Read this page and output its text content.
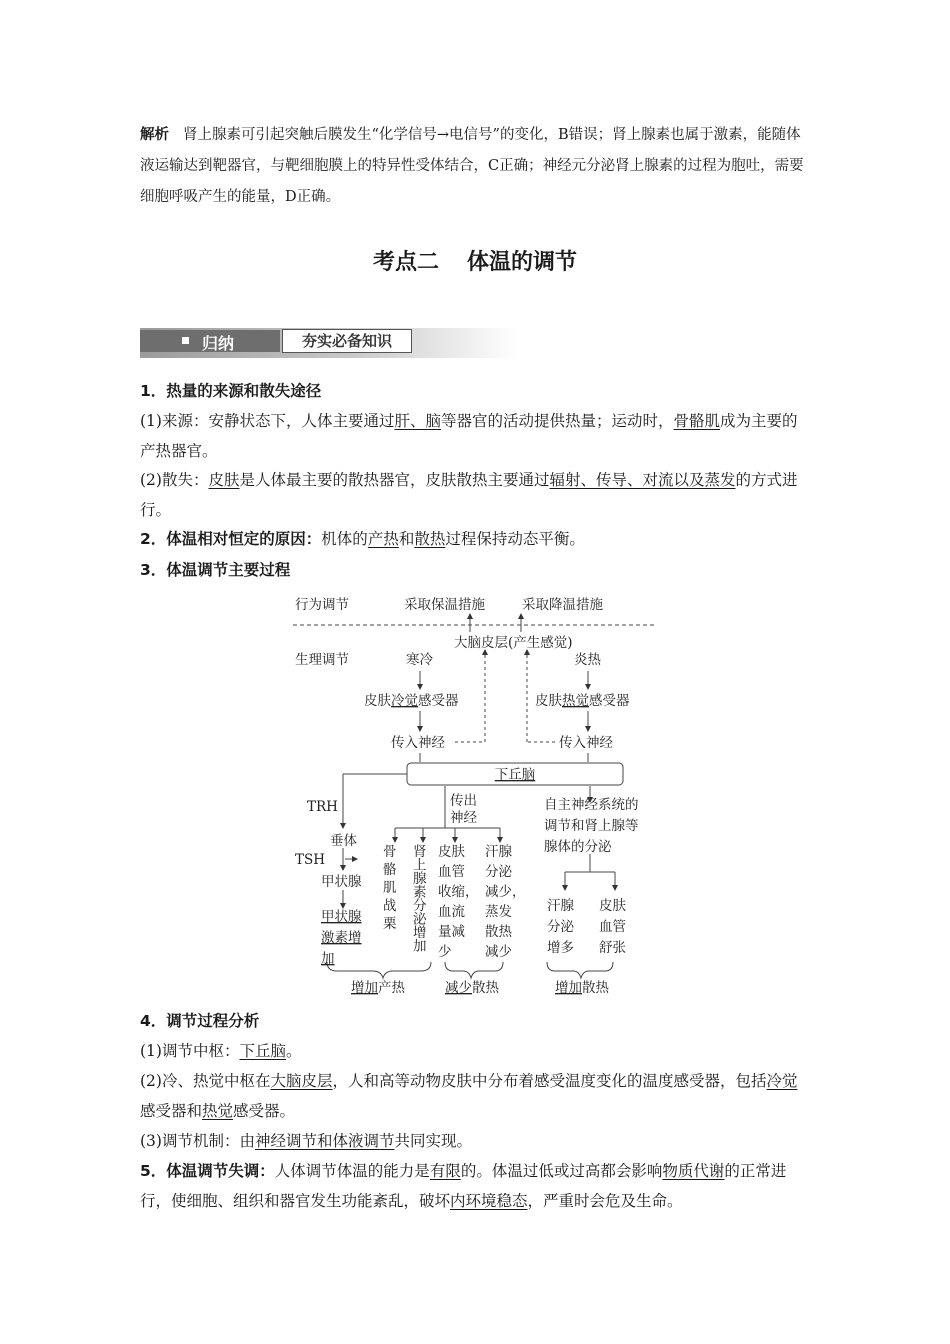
解析 肾上腺素可引起突触后膜发生“化学信号→电信号”的变化，B错误；肾上腺素也属于激素，能随体液运输达到靶器官，与靶细胞膜上的特异性受体结合，C正确；神经元分泌肾上腺素的过程为胞吐，需要细胞呼吸产生的能量，D正确。
考点二 体温的调节
归纳	夯实必备知识
1．热量的来源和散失途径
(1)来源：安静状态下，人体主要通过肝、脑等器官的活动提供热量；运动时，骨骼肌成为主要的产热器官。
(2)散失：皮肤是人体最主要的散热器官，皮肤散热主要通过辐射、传导、对流以及蒸发的方式进行。
2．体温相对恒定的原因：机体的产热和散热过程保持动态平衡。
3．体温调节主要过程
行为调节	采取保温措施	采取降温措施
大脑皮层(产生感觉)
生理调节	寒冷	炎热
皮肤冷觉感受器	皮肤热觉感受器
传入神经	传入神经
下丘脑
TRH	传出
神经
自主神经系统的
调节和肾上腺等
腺体的分泌
垂体
TSH
甲状腺
甲状腺
激素增
加
骨
骼
肌
战
栗
肾
上
腺
素
分
泌
增
加
皮肤
血管
收缩，
血流
量减
少
汗腺
分泌
减少，
蒸发
散热
减少
汗腺
分泌
增多
皮肤
血管
舒张
增加产热	减少散热	增加散热
4．调节过程分析
(1)调节中枢：下丘脑。
(2)冷、热觉中枢在大脑皮层，人和高等动物皮肤中分布着感受温度变化的温度感受器，包括冷觉感受器和热觉感受器。
(3)调节机制：由神经调节和体液调节共同实现。
5．体温调节失调：人体调节体温的能力是有限的。体温过低或过高都会影响物质代谢的正常进行，使细胞、组织和器官发生功能紊乱，破坏内环境稳态，严重时会危及生命。
